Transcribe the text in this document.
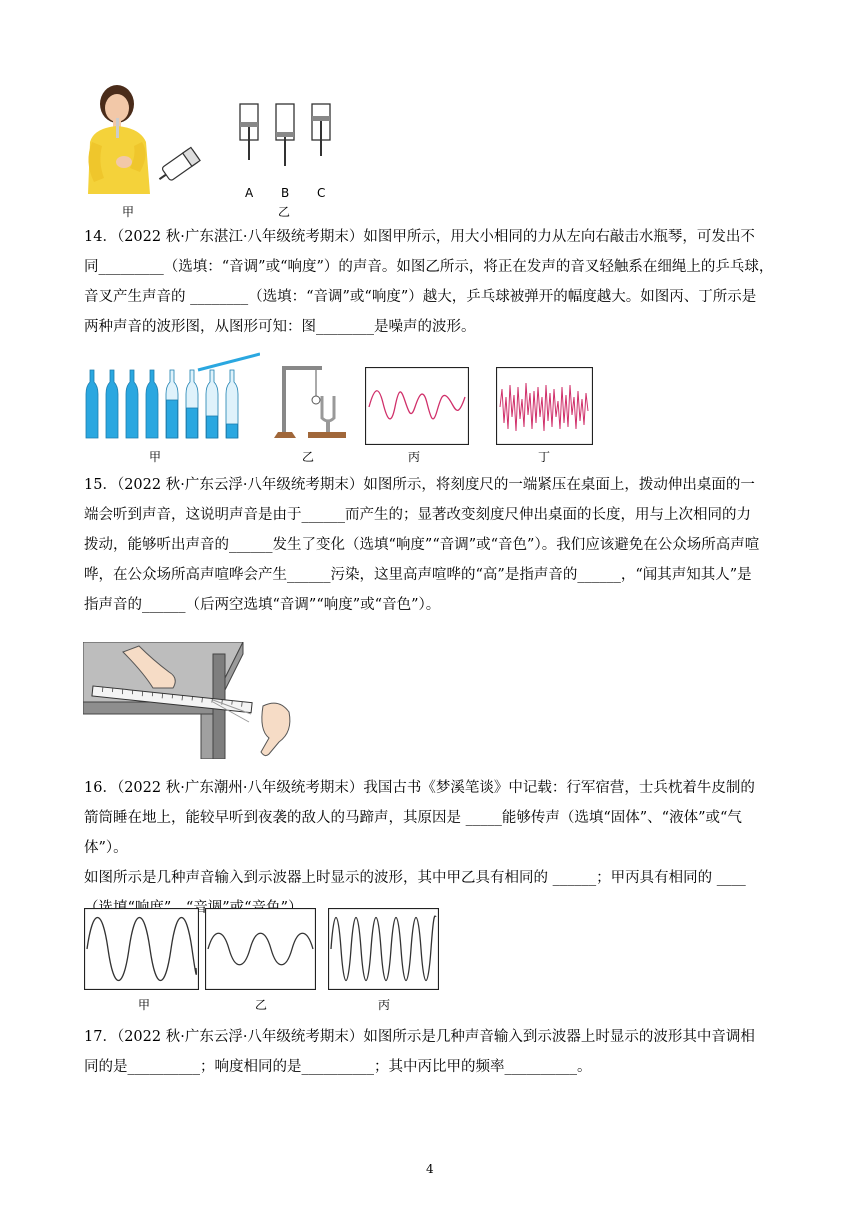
A B C
甲	乙

14．（2022 秋·广东湛江·八年级统考期末）如图甲所示，用大小相同的力从左向右敲击水瓶琴，可发出不

同_________（选填：“音调”或“响度”）的声音。如图乙所示，将正在发声的音叉轻触系在细绳上的乒乓球，

音叉产生声音的 ________（选填：“音调”或“响度”）越大，乒乓球被弹开的幅度越大。如图丙、丁所示是

两种声音的波形图，从图形可知：图________是噪声的波形。

甲	乙	丙	丁

15．（2022 秋·广东云浮·八年级统考期末）如图所示，将刻度尺的一端紧压在桌面上，拨动伸出桌面的一

端会听到声音，这说明声音是由于______而产生的；显著改变刻度尺伸出桌面的长度，用与上次相同的力

拨动，能够听出声音的______发生了变化（选填“响度”“音调”或“音色”）。我们应该避免在公众场所高声喧

哗，在公众场所高声喧哗会产生______污染，这里高声喧哗的“高”是指声音的______，“闻其声知其人”是

指声音的______（后两空选填“音调”“响度”或“音色”）。

16．（2022 秋·广东潮州·八年级统考期末）我国古书《梦溪笔谈》中记载：行军宿营，士兵枕着牛皮制的

箭筒睡在地上，能较早听到夜袭的敌人的马蹄声，其原因是 _____能够传声（选填“固体”、“液体”或“气体”）。

如图所示是几种声音输入到示波器上时显示的波形，其中甲乙具有相同的 ______；甲丙具有相同的 ____

甲	乙	丙

17．（2022 秋·广东云浮·八年级统考期末）如图所示是几种声音输入到示波器上时显示的波形其中音调相

同的是__________；响度相同的是__________；其中丙比甲的频率__________。

4
